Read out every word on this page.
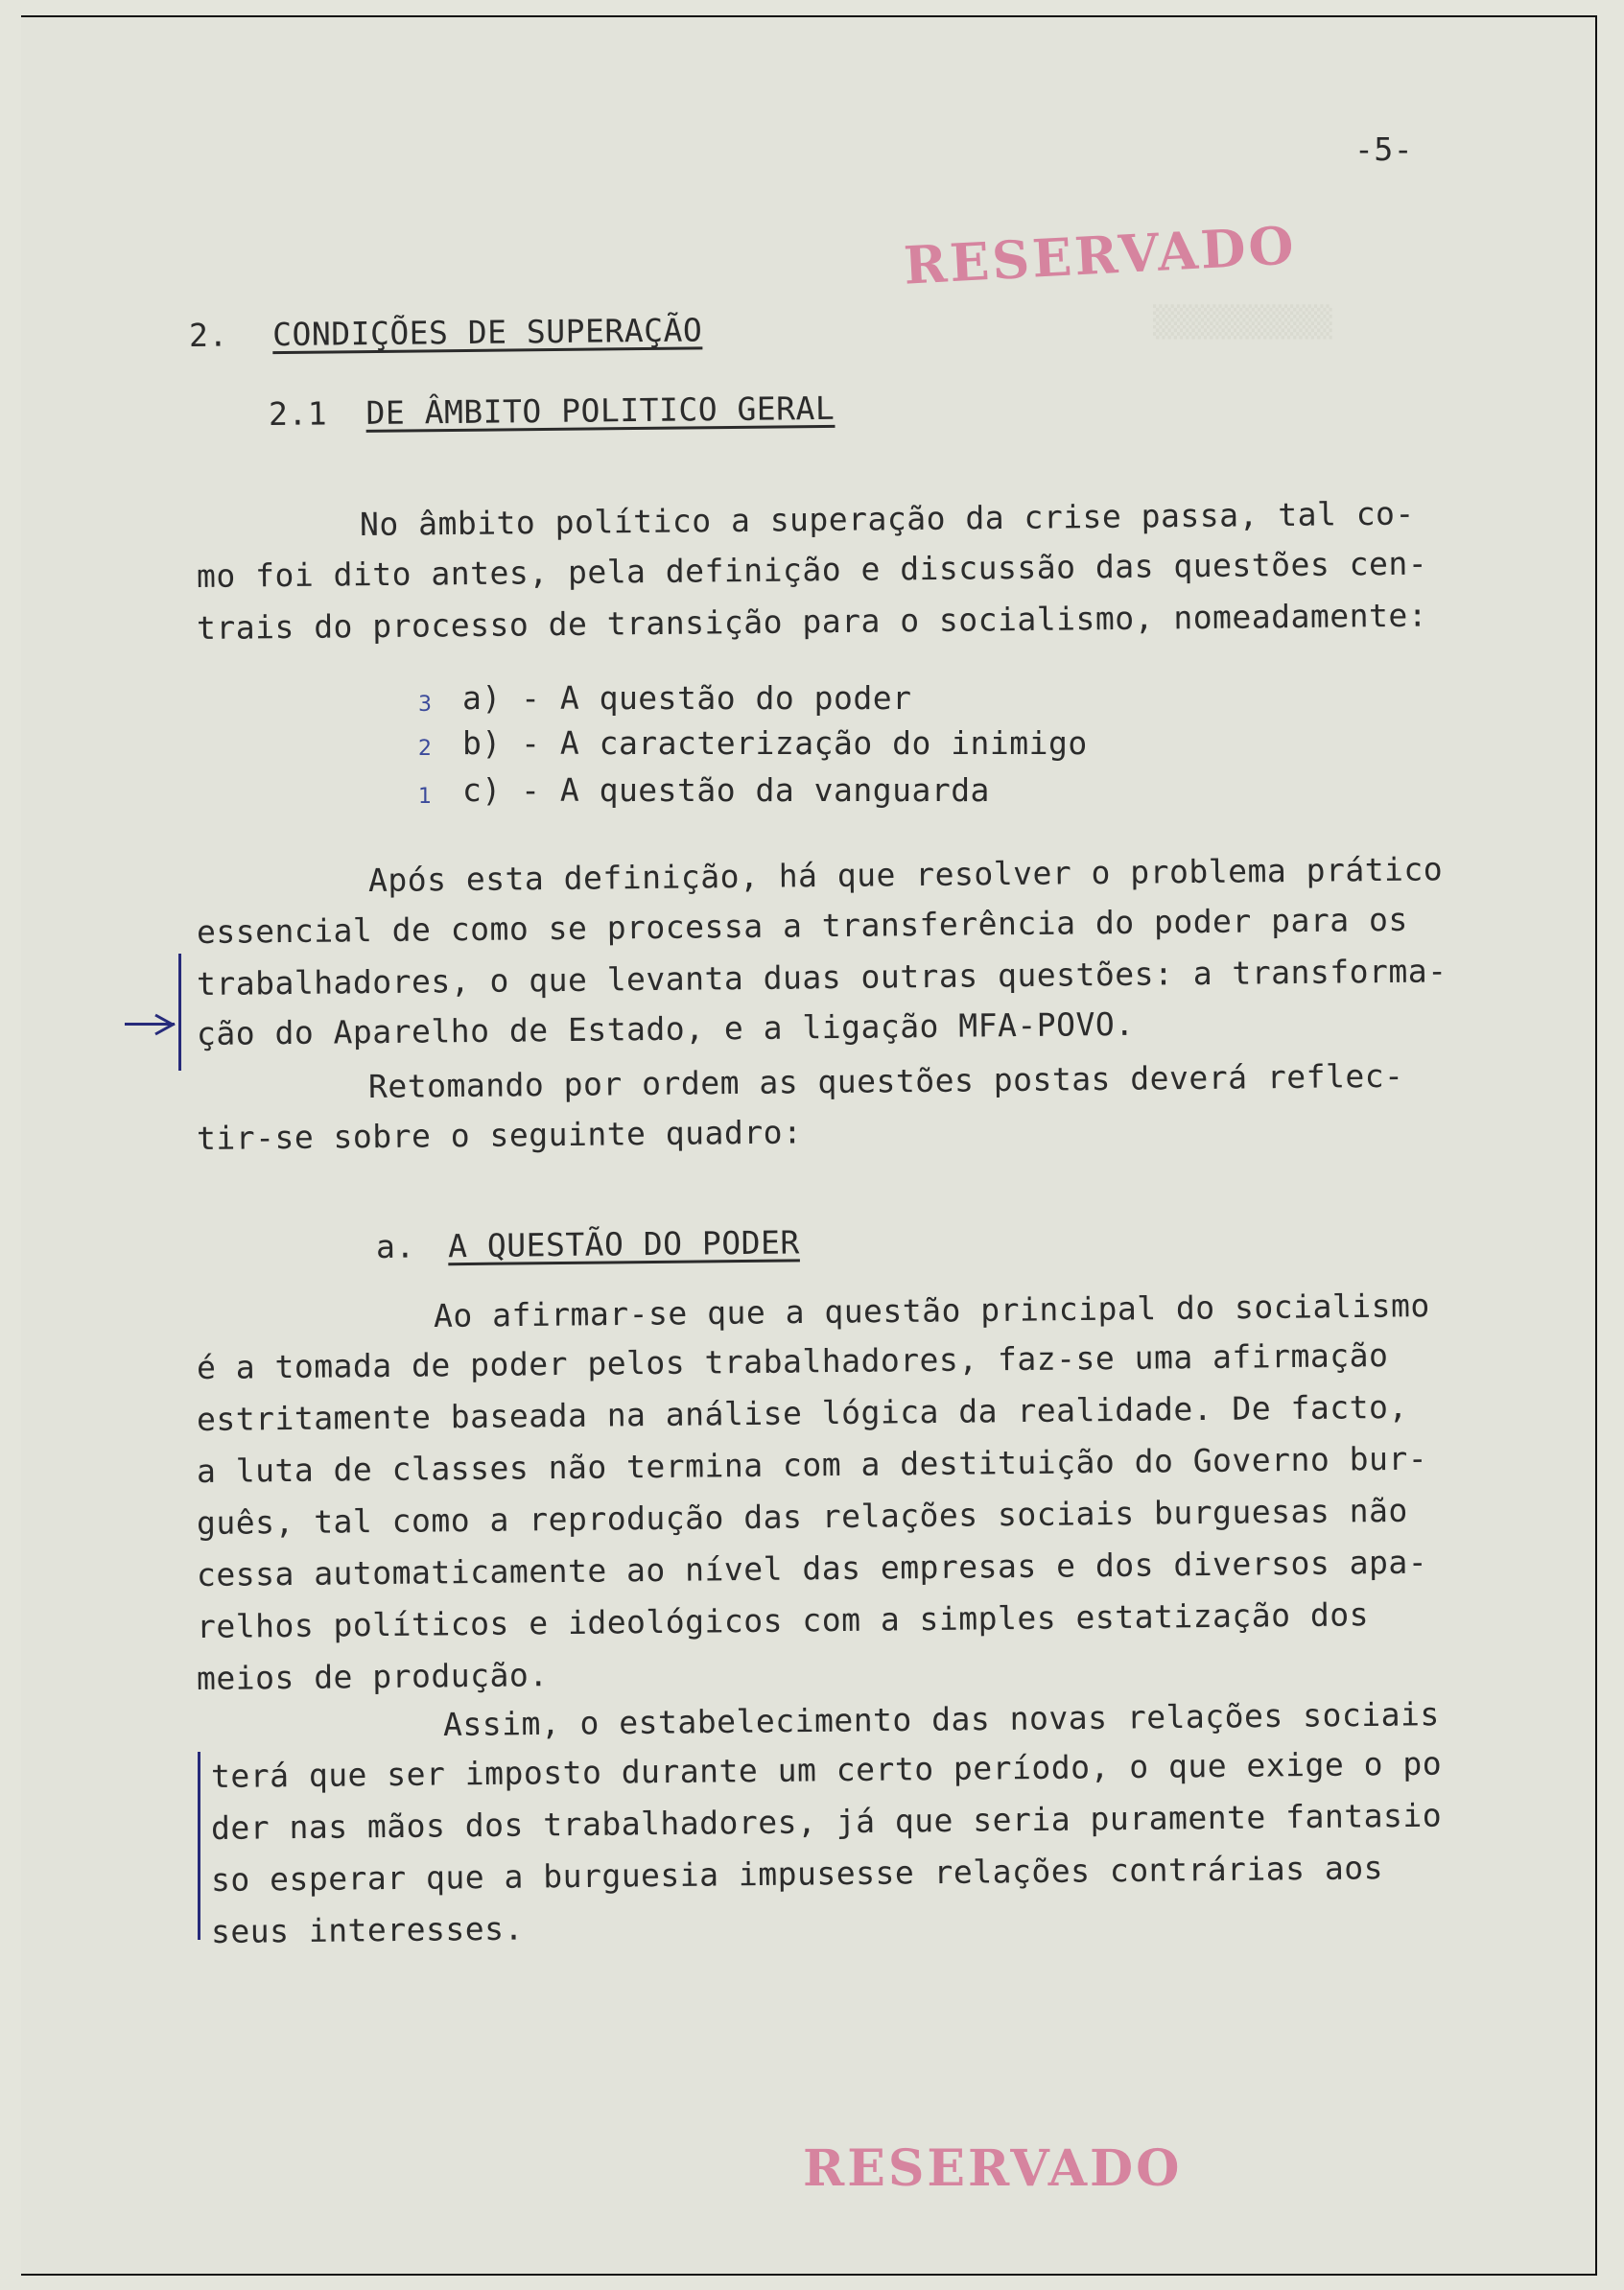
▒▒▒▒▒▒▒▒▒▒
-5-
RESERVADO
2. CONDIÇÕES DE SUPERAÇÃO
2.1 DE ÂMBITO POLITICO GERAL
No âmbito político a superação da crise passa, tal co-
mo foi dito antes, pela definição e discussão das questões cen-
trais do processo de transição para o socialismo, nomeadamente:
3 a) - A questão do poder
2 b) - A caracterização do inimigo
1 c) - A questão da vanguarda
Após esta definição, há que resolver o problema prático
essencial de como se processa a transferência do poder para os
trabalhadores, o que levanta duas outras questões: a transforma-
ção do Aparelho de Estado, e a ligação MFA-POVO.
Retomando por ordem as questões postas deverá reflec-
tir-se sobre o seguinte quadro:
a. A QUESTÃO DO PODER
Ao afirmar-se que a questão principal do socialismo
é a tomada de poder pelos trabalhadores, faz-se uma afirmação
estritamente baseada na análise lógica da realidade. De facto,
a luta de classes não termina com a destituição do Governo bur-
guês, tal como a reprodução das relações sociais burguesas não
cessa automaticamente ao nível das empresas e dos diversos apa-
relhos políticos e ideológicos com a simples estatização dos
meios de produção.
Assim, o estabelecimento das novas relações sociais
terá que ser imposto durante um certo período, o que exige o po
der nas mãos dos trabalhadores, já que seria puramente fantasio
so esperar que a burguesia impusesse relações contrárias aos
seus interesses.
RESERVADO
